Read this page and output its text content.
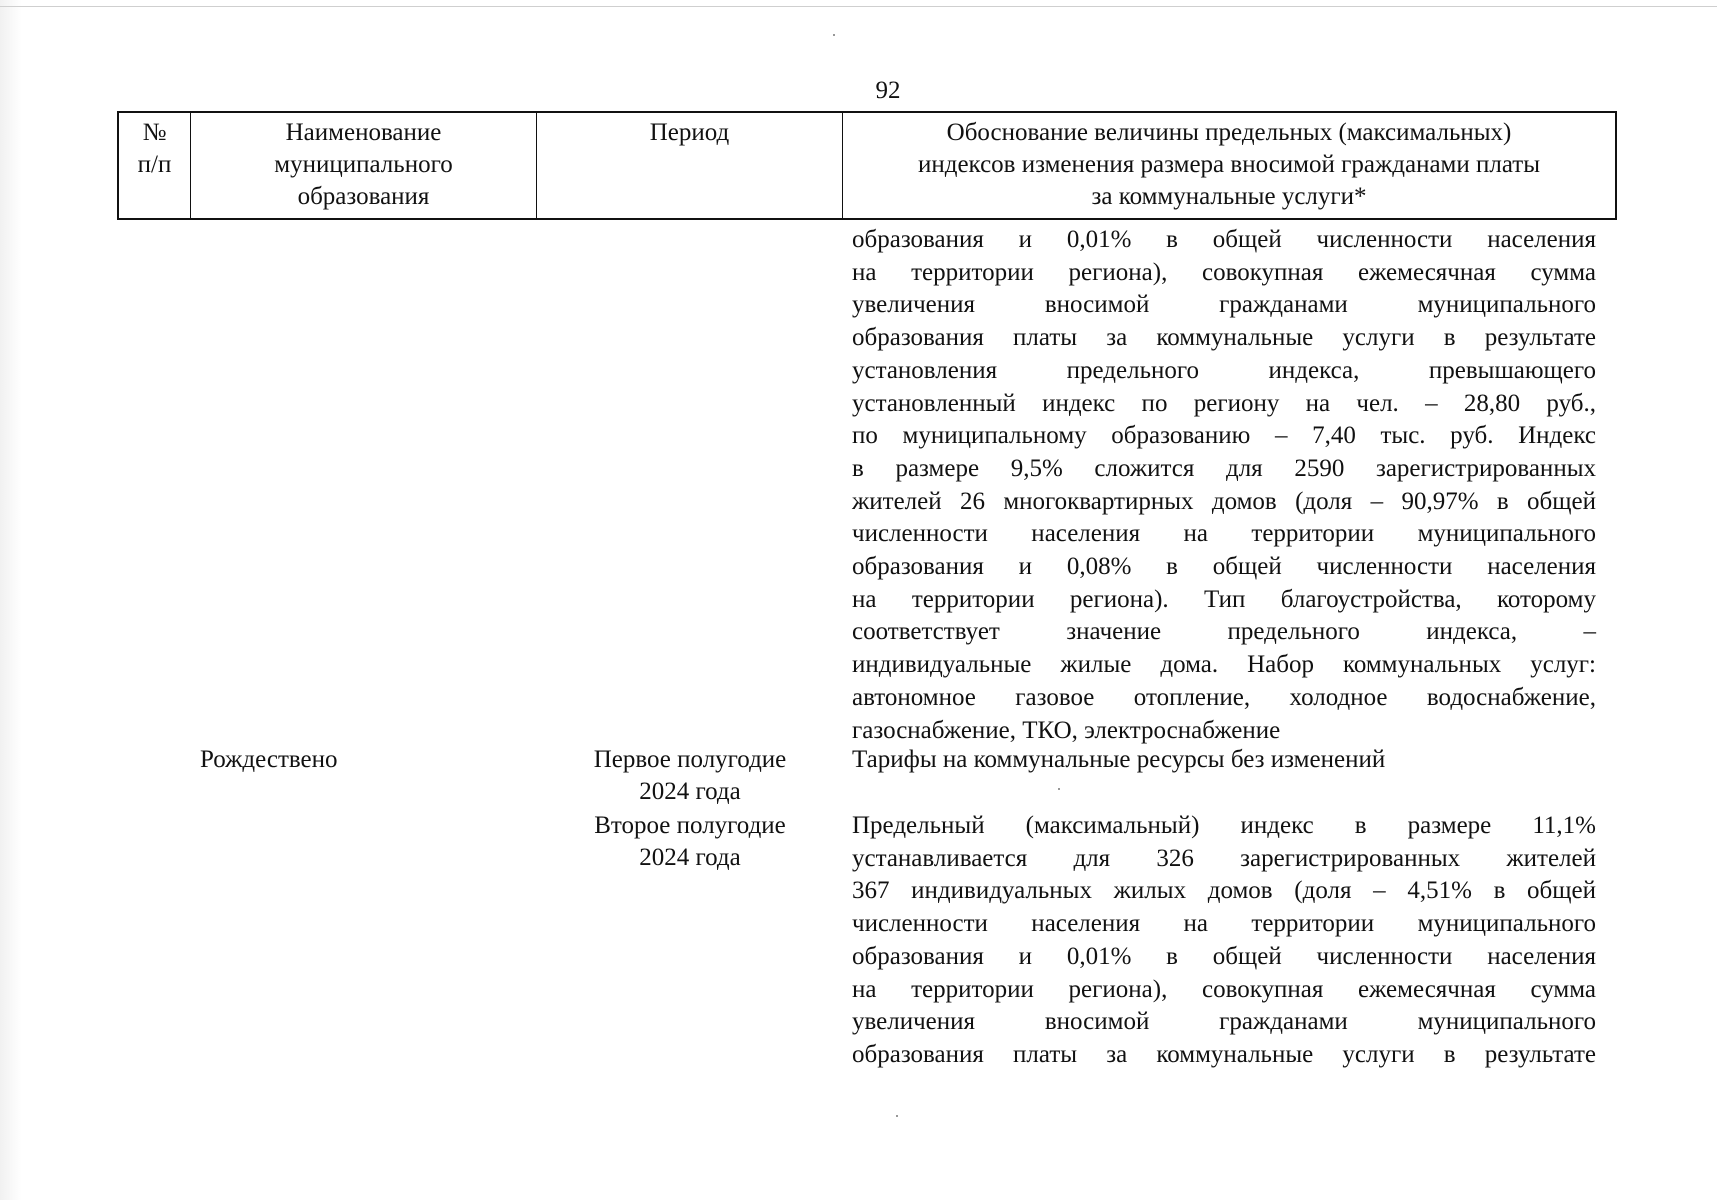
92
№
п/п
Наименование
муниципального
образования
Период	Обоснование величины предельных (максимальных)
индексов изменения размера вносимой гражданами платы
за коммунальные услуги*
образования и 0,01% в общей численности населения
на территории региона), совокупная ежемесячная сумма
увеличения вносимой гражданами муниципального
образования платы за коммунальные услуги в результате
установления предельного индекса, превышающего
установленный индекс по региону на чел. – 28,80 руб.,
по муниципальному образованию – 7,40 тыс. руб. Индекс
в размере 9,5% сложится для 2590 зарегистрированных
жителей 26 многоквартирных домов (доля – 90,97% в общей
численности населения на территории муниципального
образования и 0,08% в общей численности населения
на территории региона). Тип благоустройства, которому
соответствует значение предельного индекса, –
индивидуальные жилые дома. Набор коммунальных услуг:
автономное газовое отопление, холодное водоснабжение,
газоснабжение, ТКО, электроснабжение
Рождествено	Первое полугодие
2024 года
Тарифы на коммунальные ресурсы без изменений
Второе полугодие
2024 года
Предельный (максимальный) индекс в размере 11,1%
устанавливается для 326 зарегистрированных жителей
367 индивидуальных жилых домов (доля – 4,51% в общей
численности населения на территории муниципального
образования и 0,01% в общей численности населения
на территории региона), совокупная ежемесячная сумма
увеличения вносимой гражданами муниципального
образования платы за коммунальные услуги в результате
